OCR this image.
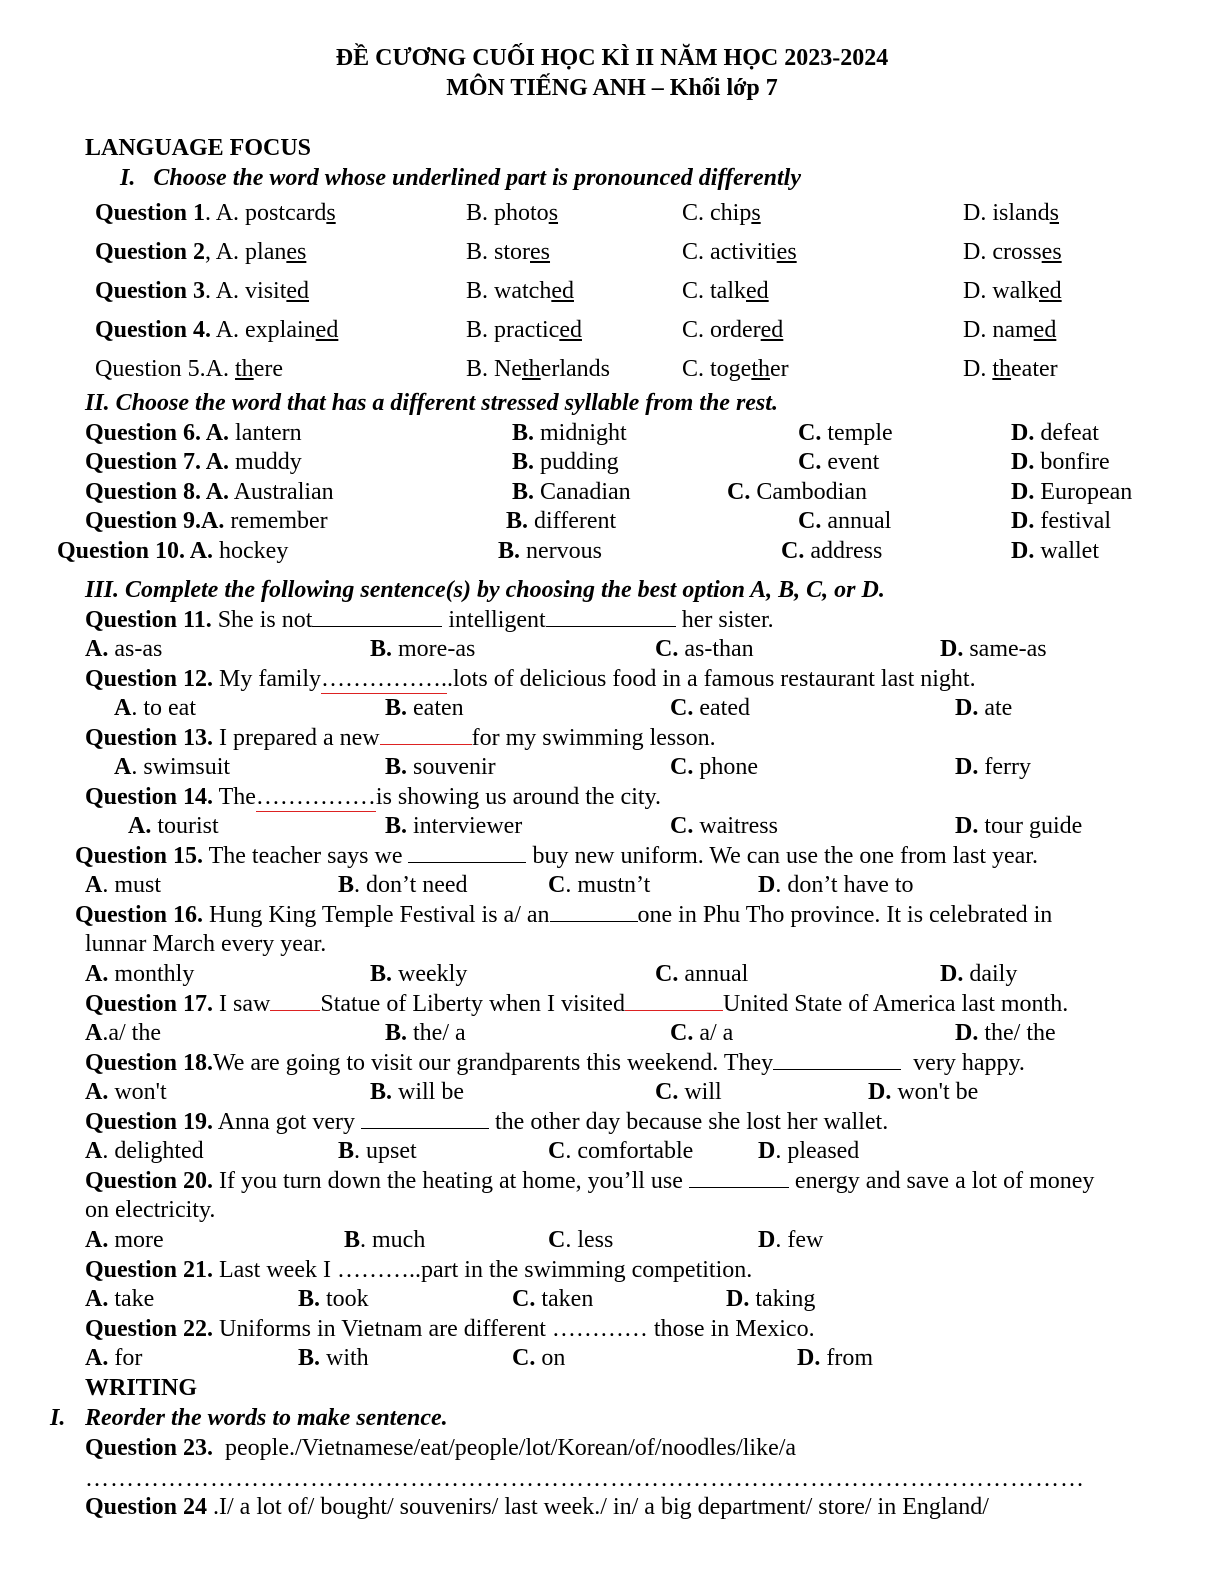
ĐỀ CƯƠNG CUỐI HỌC KÌ II NĂM HỌC 2023-2024
MÔN TIẾNG ANH – Khối lớp 7
LANGUAGE FOCUS
I.   Choose the word whose underlined part is pronounced differently
Question 1. A. postcards	B. photos	C. chips	D. islands
Question 2, A. planes	B. stores	C. activities	D. crosses
Question 3. A. visited	B. watched	C. talked	D. walked
Question 4. A. explained	B. practiced	C. ordered	D. named
Question 5.A. there	B. Netherlands	C. together	D. theater
II. Choose the word that has a different stressed syllable from the rest.
Question 6. A. lantern	B. midnight	C. temple	D. defeat
Question 7. A. muddy	B. pudding	C. event	D. bonfire
Question 8. A. Australian	B. Canadian	C. Cambodian	D. European
Question 9.A. remember	B. different	C. annual	D. festival
Question 10. A. hockey	B. nervous	C. address	D. wallet
III. Complete the following sentence(s) by choosing the best option A, B, C, or D.
Question 11. She is not	intelligent	her sister.
A. as-as	B. more-as	C. as-than	D. same-as
Question 12. My family……………..lots of delicious food in a famous restaurant last night.
A. to eat	B. eaten	C. eated	D. ate
Question 13. I prepared a new	for my swimming lesson.
A. swimsuit	B. souvenir	C. phone	D. ferry
Question 14. The……………is showing us around the city.
A. tourist	B. interviewer	C. waitress	D. tour guide
Question 15. The teacher says we	buy new uniform. We can use the one from last year.
A. must	B. don’t need	C. mustn’t	D. don’t have to
Question 16. Hung King Temple Festival is a/ an	one in Phu Tho province. It is celebrated in
lunnar March every year.
A. monthly	B. weekly	C. annual	D. daily
Question 17. I saw Statue of Liberty when I visited	United State of America last month.
A.a/ the	B. the/ a	C. a/ a	D. the/ the
Question 18.We are going to visit our grandparents this weekend. They	very happy.
A. won't	B. will be	C. will	D. won't be
Question 19. Anna got very	the other day because she lost her wallet.
A. delighted	B. upset	C. comfortable	D. pleased
Question 20. If you turn down the heating at home, you’ll use	energy and save a lot of money
on electricity.
A. more	B. much	C. less	D. few
Question 21. Last week I ………..part in the swimming competition.
A. take	B. took	C. taken	D. taking
Question 22. Uniforms in Vietnam are different ………… those in Mexico.
A. for	B. with	C. on	D. from
WRITING
I. Reorder the words to make sentence.
Question 23.  people./Vietnamese/eat/people/lot/Korean/of/noodles/like/a
…………………………………………………………………………………………………………
Question 24 .I/ a lot of/ bought/ souvenirs/ last week./ in/ a big department/ store/ in England/
